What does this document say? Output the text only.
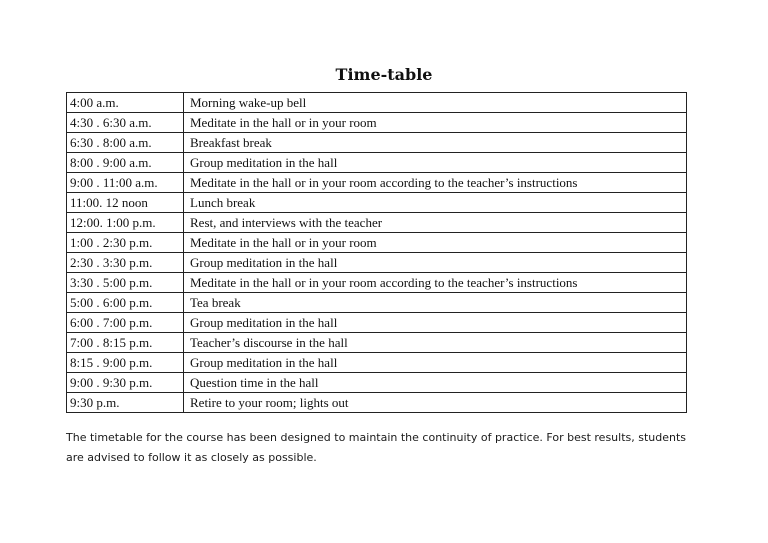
Time-table
4:00 a.m.	Morning wake-up bell
4:30 . 6:30 a.m.	Meditate in the hall or in your room
6:30 . 8:00 a.m.	Breakfast break
8:00 . 9:00 a.m.	Group meditation in the hall
9:00 . 11:00 a.m.	Meditate in the hall or in your room according to the teacher’s instructions
11:00. 12 noon	Lunch break
12:00. 1:00 p.m.	Rest, and interviews with the teacher
1:00 . 2:30 p.m.	Meditate in the hall or in your room
2:30 . 3:30 p.m.	Group meditation in the hall
3:30 . 5:00 p.m.	Meditate in the hall or in your room according to the teacher’s instructions
5:00 . 6:00 p.m.	Tea break
6:00 . 7:00 p.m.	Group meditation in the hall
7:00 . 8:15 p.m.	Teacher’s discourse in the hall
8:15 . 9:00 p.m.	Group meditation in the hall
9:00 . 9:30 p.m.	Question time in the hall
9:30 p.m.	Retire to your room; lights out
The timetable for the course has been designed to maintain the continuity of practice. For best results, students are advised to follow it as closely as possible.
